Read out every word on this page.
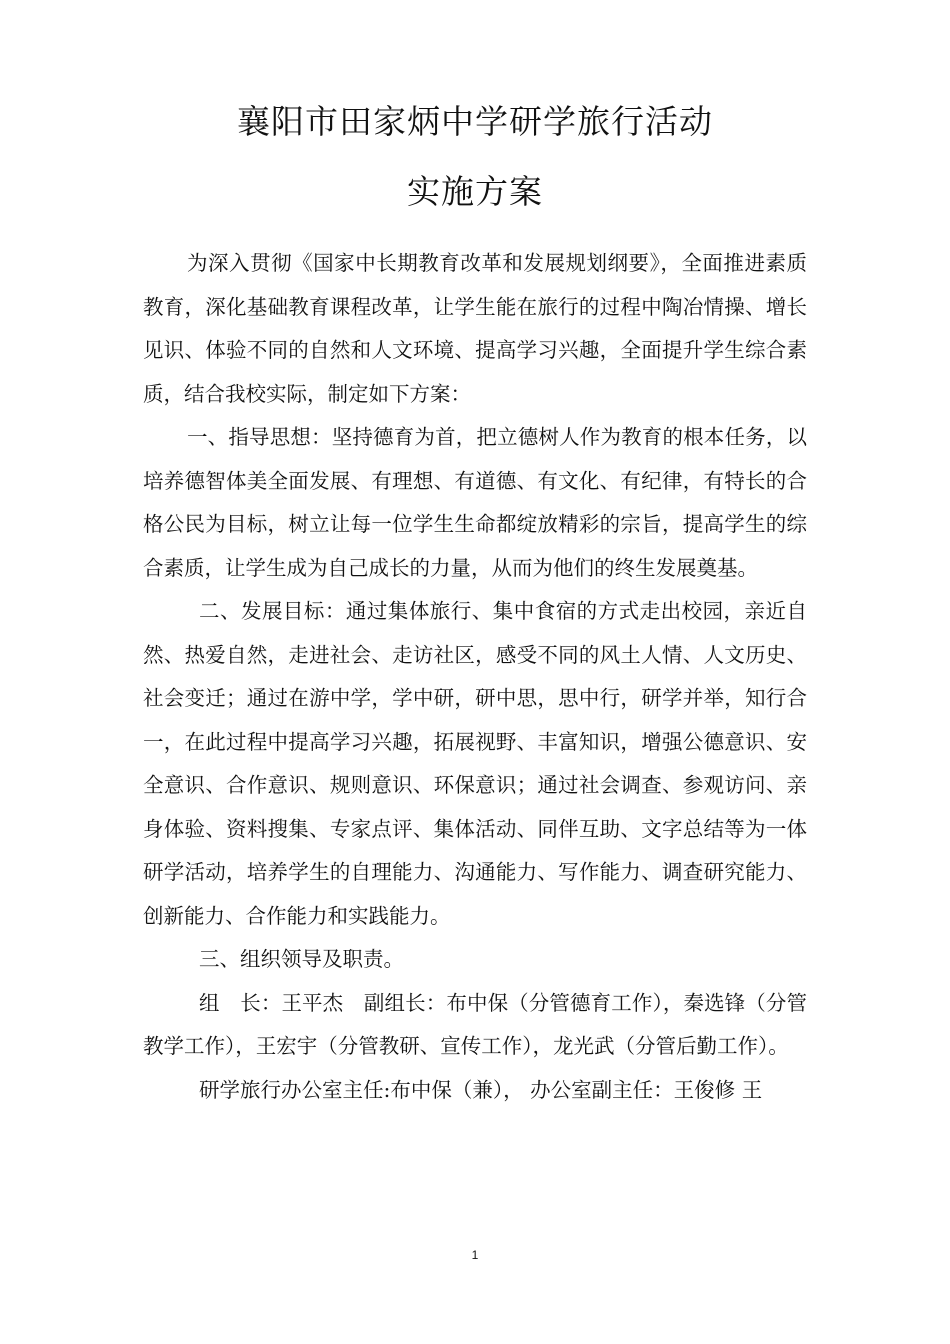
襄阳市田家炳中学研学旅行活动
实施方案

为深入贯彻《国家中长期教育改革和发展规划纲要》，全面推进素质教育，深化基础教育课程改革，让学生能在旅行的过程中陶冶情操、增长见识、体验不同的自然和人文环境、提高学习兴趣，全面提升学生综合素质，结合我校实际，制定如下方案：

一、指导思想：坚持德育为首，把立德树人作为教育的根本任务，以培养德智体美全面发展、有理想、有道德、有文化、有纪律，有特长的合格公民为目标，树立让每一位学生生命都绽放精彩的宗旨，提高学生的综合素质，让学生成为自己成长的力量，从而为他们的终生发展奠基。

二、发展目标：通过集体旅行、集中食宿的方式走出校园，亲近自然、热爱自然，走进社会、走访社区，感受不同的风土人情、人文历史、社会变迁；通过在游中学，学中研，研中思，思中行，研学并举，知行合一，在此过程中提高学习兴趣，拓展视野、丰富知识，增强公德意识、安全意识、合作意识、规则意识、环保意识；通过社会调查、参观访问、亲身体验、资料搜集、专家点评、集体活动、同伴互助、文字总结等为一体研学活动，培养学生的自理能力、沟通能力、写作能力、调查研究能力、创新能力、合作能力和实践能力。

三、组织领导及职责。

组　长：王平杰　副组长：布中保（分管德育工作），秦选锋（分管教学工作），王宏宇（分管教研、宣传工作），龙光武（分管后勤工作）。

研学旅行办公室主任:布中保（兼）， 办公室副主任：王俊修 王

1
